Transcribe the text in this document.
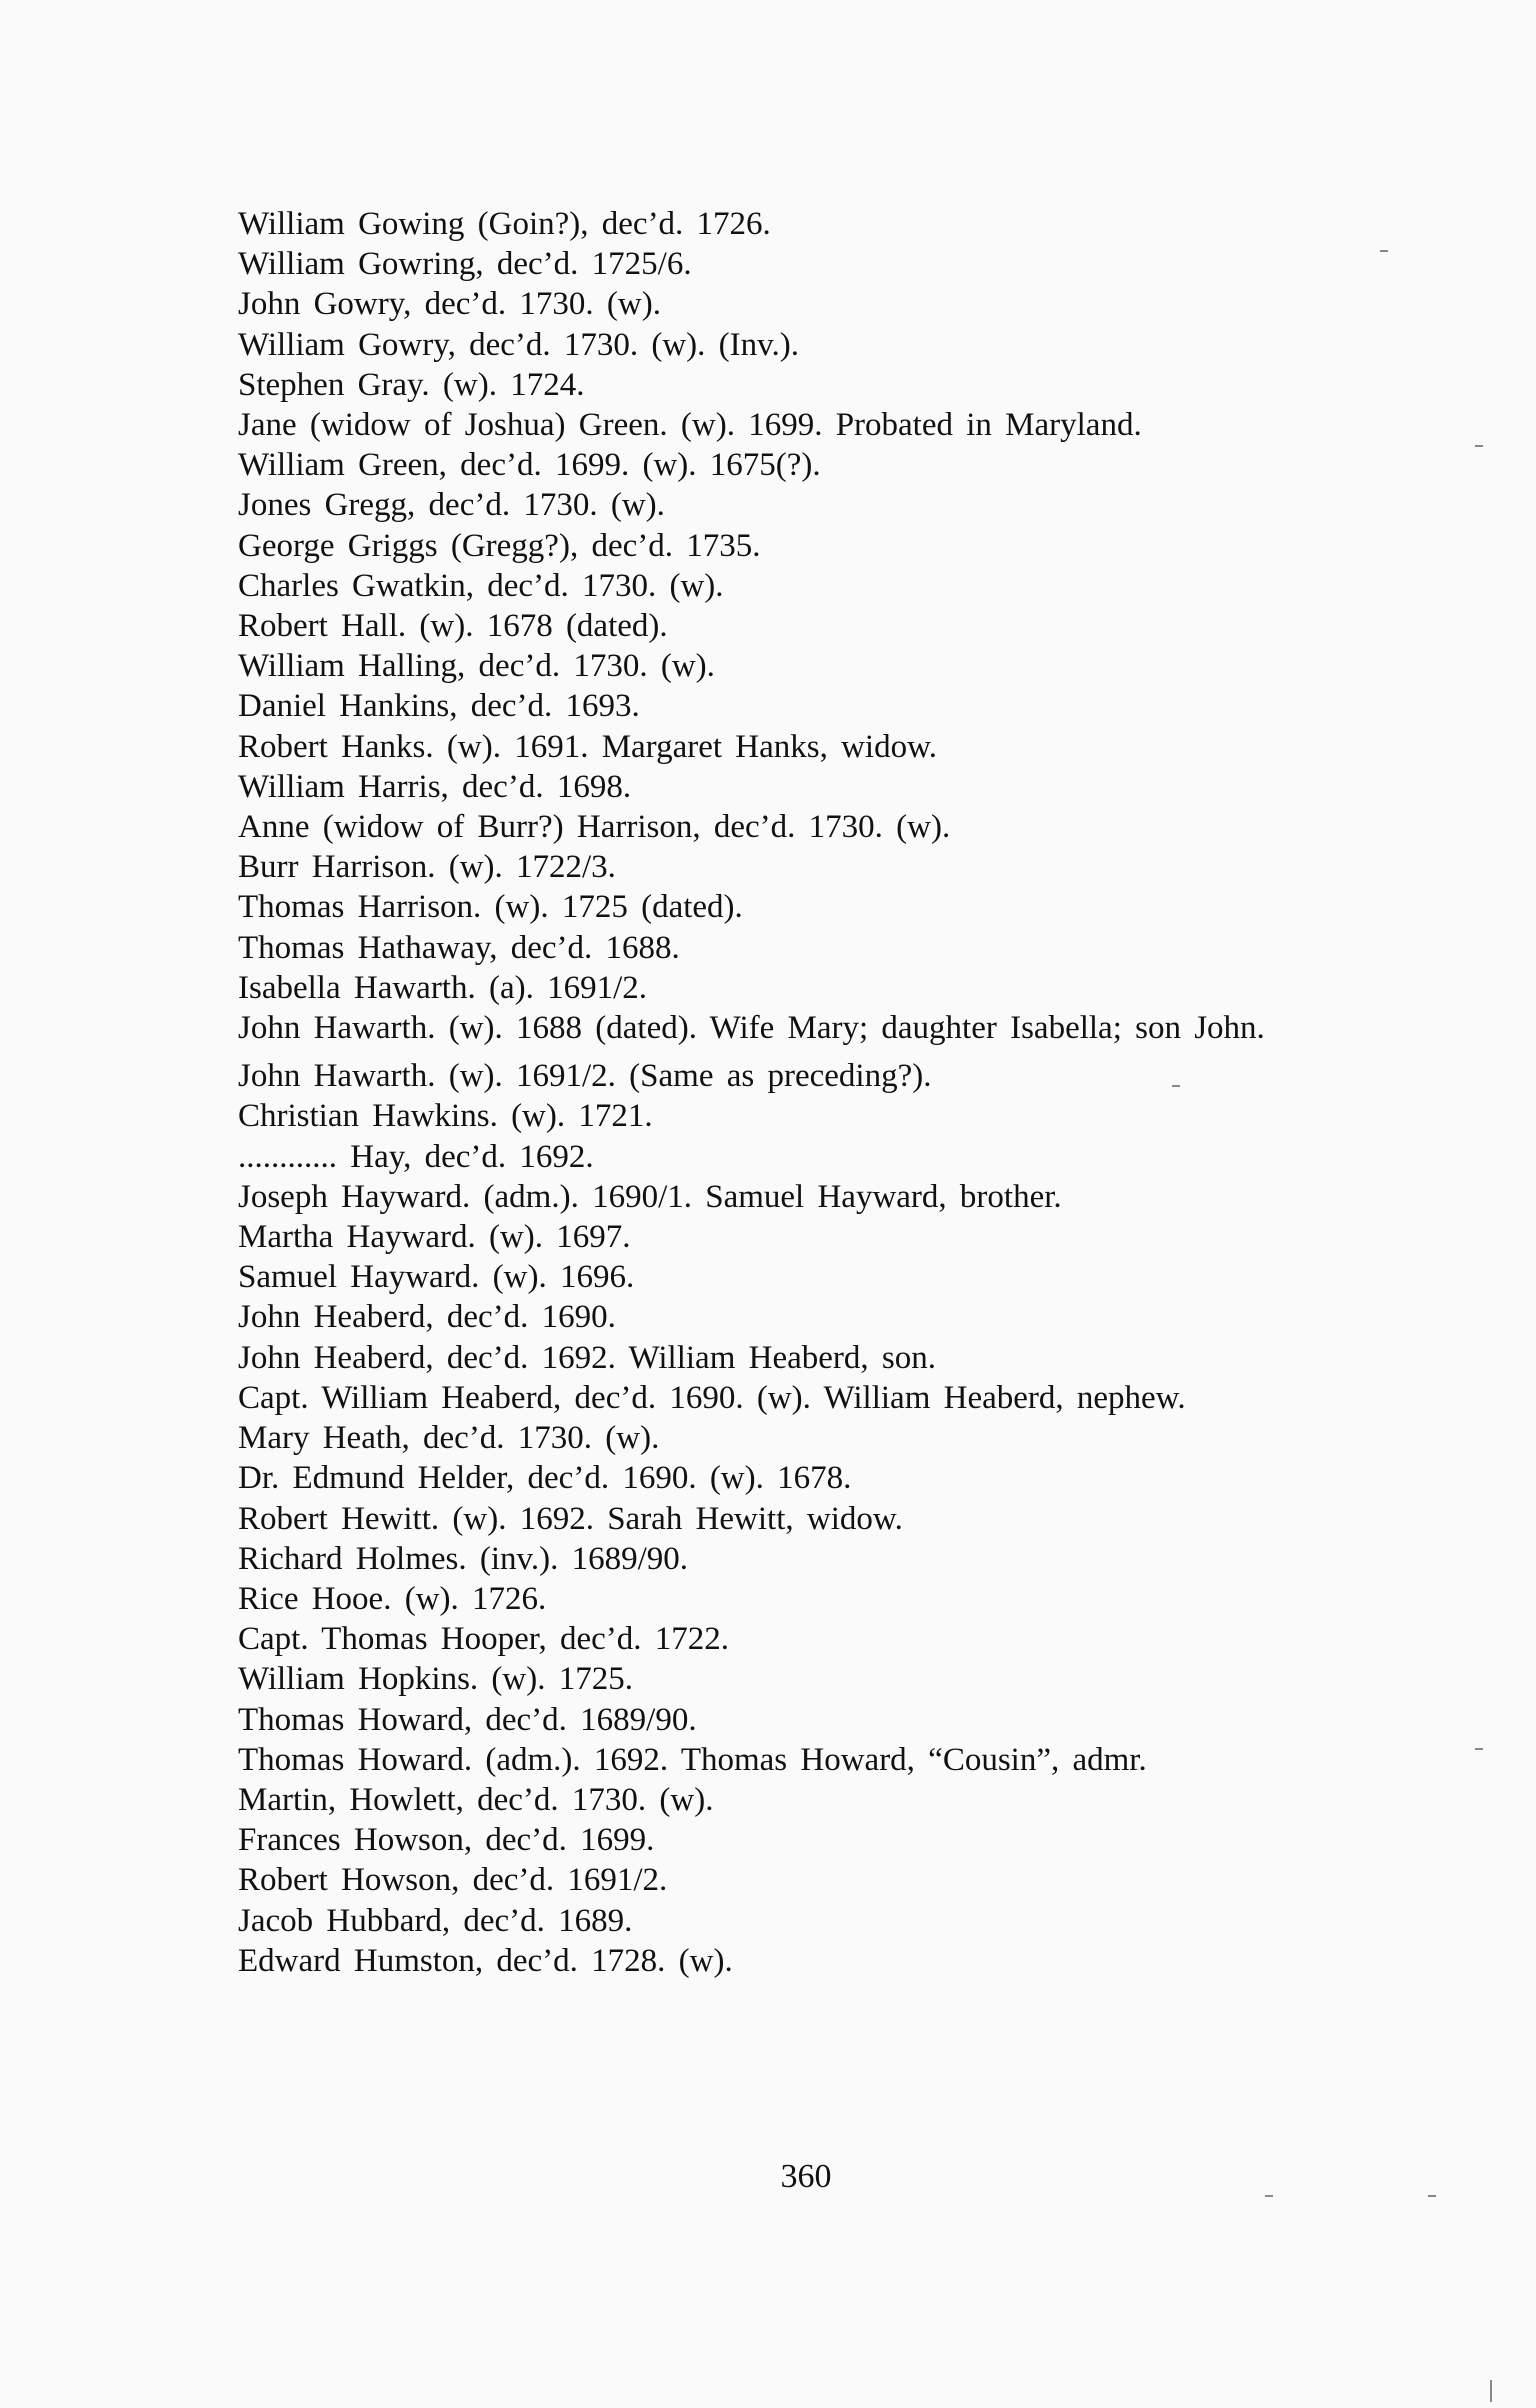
William Gowing (Goin?), dec’d. 1726.
William Gowring, dec’d. 1725/6.
John Gowry, dec’d. 1730. (w).
William Gowry, dec’d. 1730. (w). (Inv.).
Stephen Gray. (w). 1724.
Jane (widow of Joshua) Green. (w). 1699. Probated in Maryland.
William Green, dec’d. 1699. (w). 1675(?).
Jones Gregg, dec’d. 1730. (w).
George Griggs (Gregg?), dec’d. 1735.
Charles Gwatkin, dec’d. 1730. (w).
Robert Hall. (w). 1678 (dated).
William Halling, dec’d. 1730. (w).
Daniel Hankins, dec’d. 1693.
Robert Hanks. (w). 1691. Margaret Hanks, widow.
William Harris, dec’d. 1698.
Anne (widow of Burr?) Harrison, dec’d. 1730. (w).
Burr Harrison. (w). 1722/3.
Thomas Harrison. (w). 1725 (dated).
Thomas Hathaway, dec’d. 1688.
Isabella Hawarth. (a). 1691/2.
John Hawarth. (w). 1688 (dated). Wife Mary; daughter Isabella; son John.
John Hawarth. (w). 1691/2. (Same as preceding?).
Christian Hawkins. (w). 1721.
............ Hay, dec’d. 1692.
Joseph Hayward. (adm.). 1690/1. Samuel Hayward, brother.
Martha Hayward. (w). 1697.
Samuel Hayward. (w). 1696.
John Heaberd, dec’d. 1690.
John Heaberd, dec’d. 1692. William Heaberd, son.
Capt. William Heaberd, dec’d. 1690. (w). William Heaberd, nephew.
Mary Heath, dec’d. 1730. (w).
Dr. Edmund Helder, dec’d. 1690. (w). 1678.
Robert Hewitt. (w). 1692. Sarah Hewitt, widow.
Richard Holmes. (inv.). 1689/90.
Rice Hooe. (w). 1726.
Capt. Thomas Hooper, dec’d. 1722.
William Hopkins. (w). 1725.
Thomas Howard, dec’d. 1689/90.
Thomas Howard. (adm.). 1692. Thomas Howard, “Cousin”, admr.
Martin, Howlett, dec’d. 1730. (w).
Frances Howson, dec’d. 1699.
Robert Howson, dec’d. 1691/2.
Jacob Hubbard, dec’d. 1689.
Edward Humston, dec’d. 1728. (w).
360
